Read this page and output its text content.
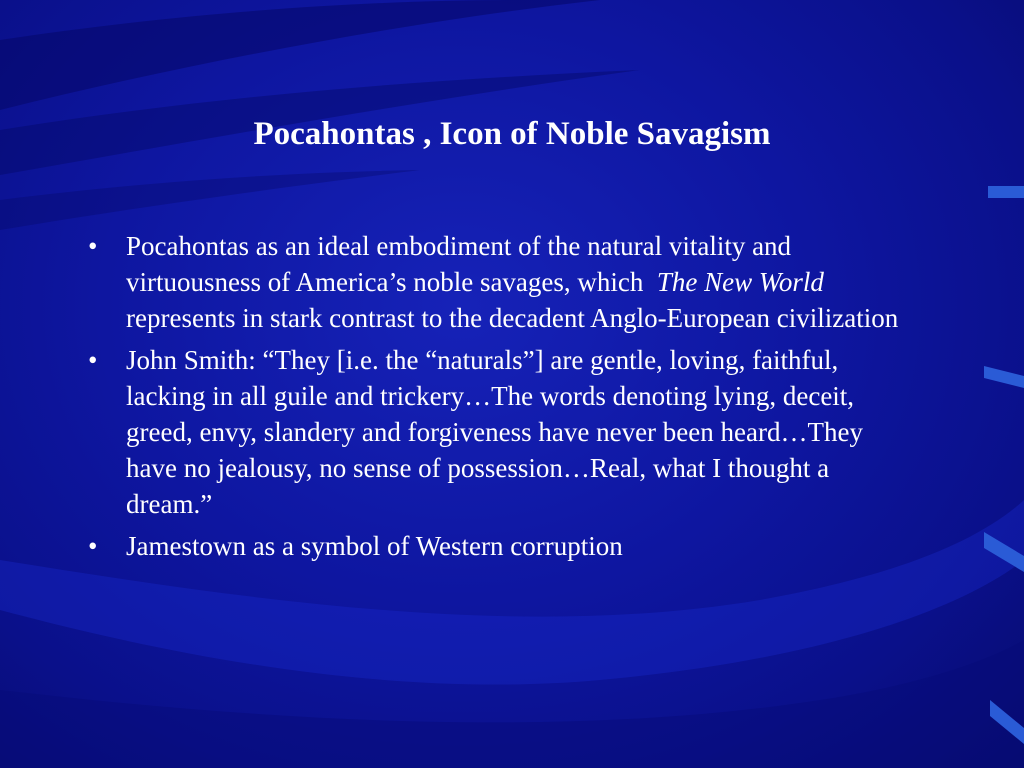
Pocahontas , Icon of Noble Savagism
• Pocahontas as an ideal embodiment of the natural vitality and virtuousness of America’s noble savages, which The New World represents in stark contrast to the decadent Anglo-European civilization
• John Smith: “They [i.e. the “naturals”] are gentle, loving, faithful, lacking in all guile and trickery…The words denoting lying, deceit, greed, envy, slandery and forgiveness have never been heard…They have no jealousy, no sense of possession…Real, what I thought a dream.”
• Jamestown as a symbol of Western corruption
